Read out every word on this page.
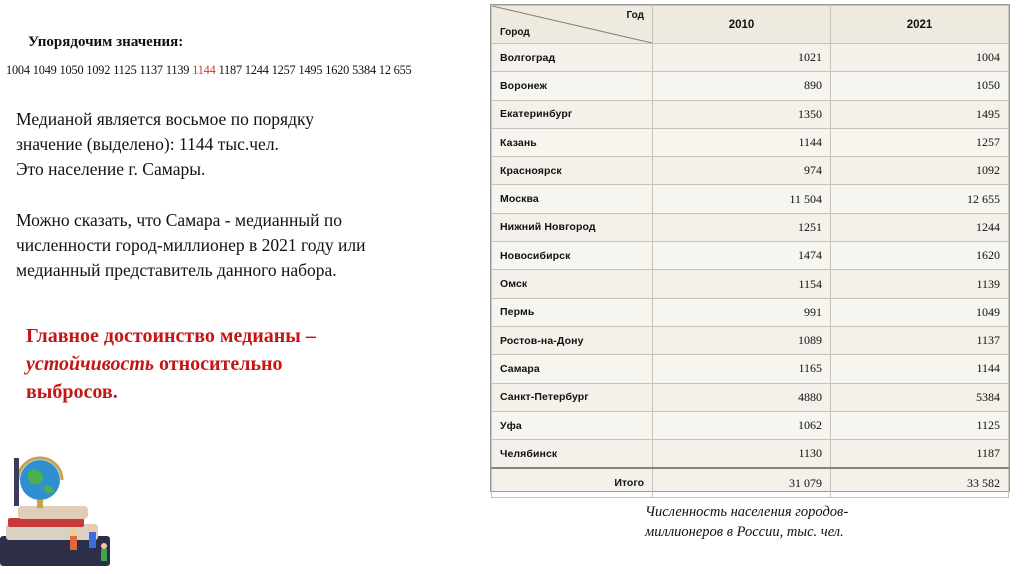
Упорядочим значения:
1004 1049 1050 1092 1125 1137 1139 1144 1187 1244 1257 1495 1620 5384 12 655
Медианой является восьмое по порядку
значение (выделено): 1144 тыс.чел.
Это население г. Самары.
Можно сказать, что Самара - медианный по
численности город-миллионер в 2021 году или
медианный представитель данного набора.
Главное достоинство медианы –
устойчивость относительно
выбросов.
Год
Город	2010	2021
Волгоград	1021	1004
Воронеж	890	1050
Екатеринбург	1350	1495
Казань	1144	1257
Красноярск	974	1092
Москва	11 504	12 655
Нижний Новгород	1251	1244
Новосибирск	1474	1620
Омск	1154	1139
Пермь	991	1049
Ростов-на-Дону	1089	1137
Самара	1165	1144
Санкт-Петербург	4880	5384
Уфа	1062	1125
Челябинск	1130	1187
Итого	31 079	33 582
Численность населения городов-
миллионеров в России, тыс. чел.
